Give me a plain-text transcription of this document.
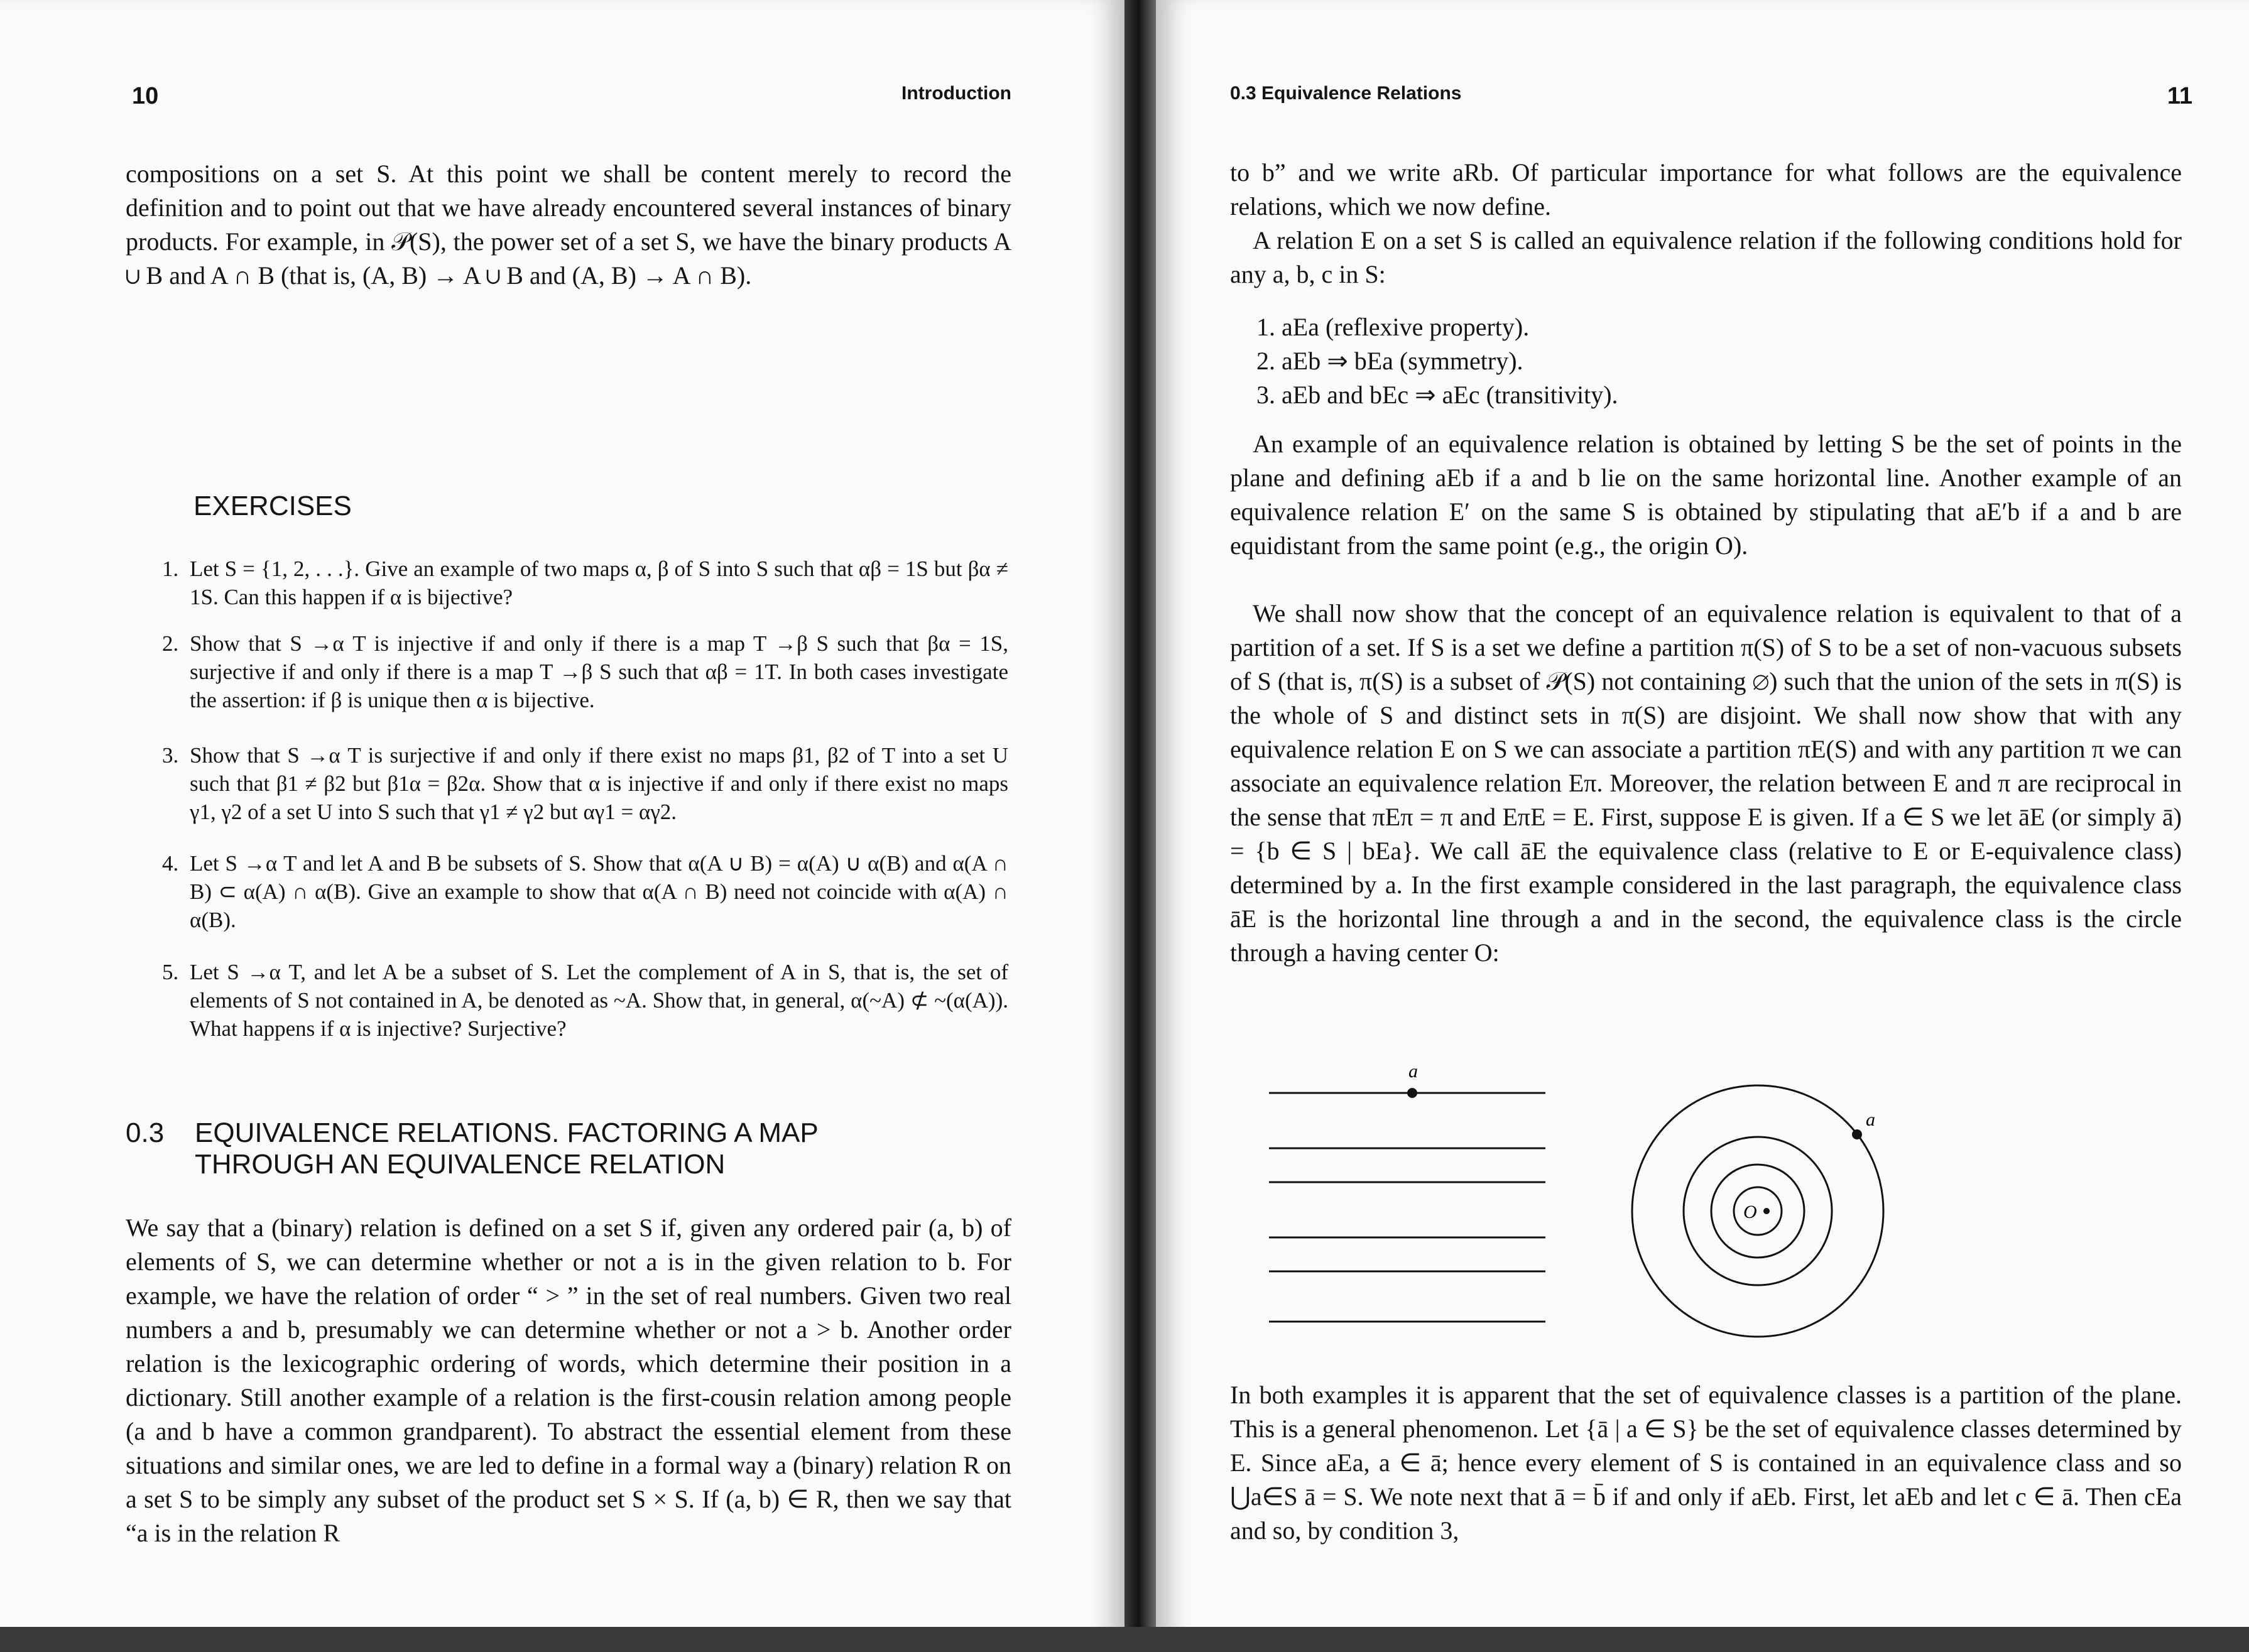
10	Introduction
compositions on a set S. At this point we shall be content merely to record the definition and to point out that we have already encountered several instances of binary products. For example, in 𝒫(S), the power set of a set S, we have the binary products A ∪ B and A ∩ B (that is, (A, B) → A ∪ B and (A, B) → A ∩ B).
EXERCISES
1. Let S = {1, 2, . . .}. Give an example of two maps α, β of S into S such that αβ = 1S but βα ≠ 1S. Can this happen if α is bijective?
2. Show that S →α T is injective if and only if there is a map T →β S such that βα = 1S, surjective if and only if there is a map T →β S such that αβ = 1T. In both cases investigate the assertion: if β is unique then α is bijective.
3. Show that S →α T is surjective if and only if there exist no maps β1, β2 of T into a set U such that β1 ≠ β2 but β1α = β2α. Show that α is injective if and only if there exist no maps γ1, γ2 of a set U into S such that γ1 ≠ γ2 but αγ1 = αγ2.
4. Let S →α T and let A and B be subsets of S. Show that α(A ∪ B) = α(A) ∪ α(B) and α(A ∩ B) ⊂ α(A) ∩ α(B). Give an example to show that α(A ∩ B) need not coincide with α(A) ∩ α(B).
5. Let S →α T, and let A be a subset of S. Let the complement of A in S, that is, the set of elements of S not contained in A, be denoted as ~A. Show that, in general, α(~A) ⊄ ~(α(A)). What happens if α is injective? Surjective?
0.3 EQUIVALENCE RELATIONS. FACTORING A MAP
THROUGH AN EQUIVALENCE RELATION
We say that a (binary) relation is defined on a set S if, given any ordered pair (a, b) of elements of S, we can determine whether or not a is in the given relation to b. For example, we have the relation of order “ > ” in the set of real numbers. Given two real numbers a and b, presumably we can determine whether or not a > b. Another order relation is the lexicographic ordering of words, which determine their position in a dictionary. Still another example of a relation is the first-cousin relation among people (a and b have a common grandparent). To abstract the essential element from these situations and similar ones, we are led to define in a formal way a (binary) relation R on a set S to be simply any subset of the product set S × S. If (a, b) ∈ R, then we say that “a is in the relation R
0.3 Equivalence Relations	11
to b” and we write aRb. Of particular importance for what follows are the equivalence relations, which we now define.
A relation E on a set S is called an equivalence relation if the following conditions hold for any a, b, c in S:
1. aEa (reflexive property).
2. aEb ⇒ bEa (symmetry).
3. aEb and bEc ⇒ aEc (transitivity).
An example of an equivalence relation is obtained by letting S be the set of points in the plane and defining aEb if a and b lie on the same horizontal line. Another example of an equivalence relation E′ on the same S is obtained by stipulating that aE′b if a and b are equidistant from the same point (e.g., the origin O).
We shall now show that the concept of an equivalence relation is equivalent to that of a partition of a set. If S is a set we define a partition π(S) of S to be a set of non-vacuous subsets of S (that is, π(S) is a subset of 𝒫(S) not containing ∅) such that the union of the sets in π(S) is the whole of S and distinct sets in π(S) are disjoint. We shall now show that with any equivalence relation E on S we can associate a partition πE(S) and with any partition π we can associate an equivalence relation Eπ. Moreover, the relation between E and π are reciprocal in the sense that πEπ = π and EπE = E. First, suppose E is given. If a ∈ S we let āE (or simply ā) = {b ∈ S | bEa}. We call āE the equivalence class (relative to E or E-equivalence class) determined by a. In the first example considered in the last paragraph, the equivalence class āE is the horizontal line through a and in the second, the equivalence class is the circle through a having center O:
a
O
a
In both examples it is apparent that the set of equivalence classes is a partition of the plane. This is a general phenomenon. Let {ā | a ∈ S} be the set of equivalence classes determined by E. Since aEa, a ∈ ā; hence every element of S is contained in an equivalence class and so ⋃a∈S ā = S. We note next that ā = b̄ if and only if aEb. First, let aEb and let c ∈ ā. Then cEa and so, by condition 3,
